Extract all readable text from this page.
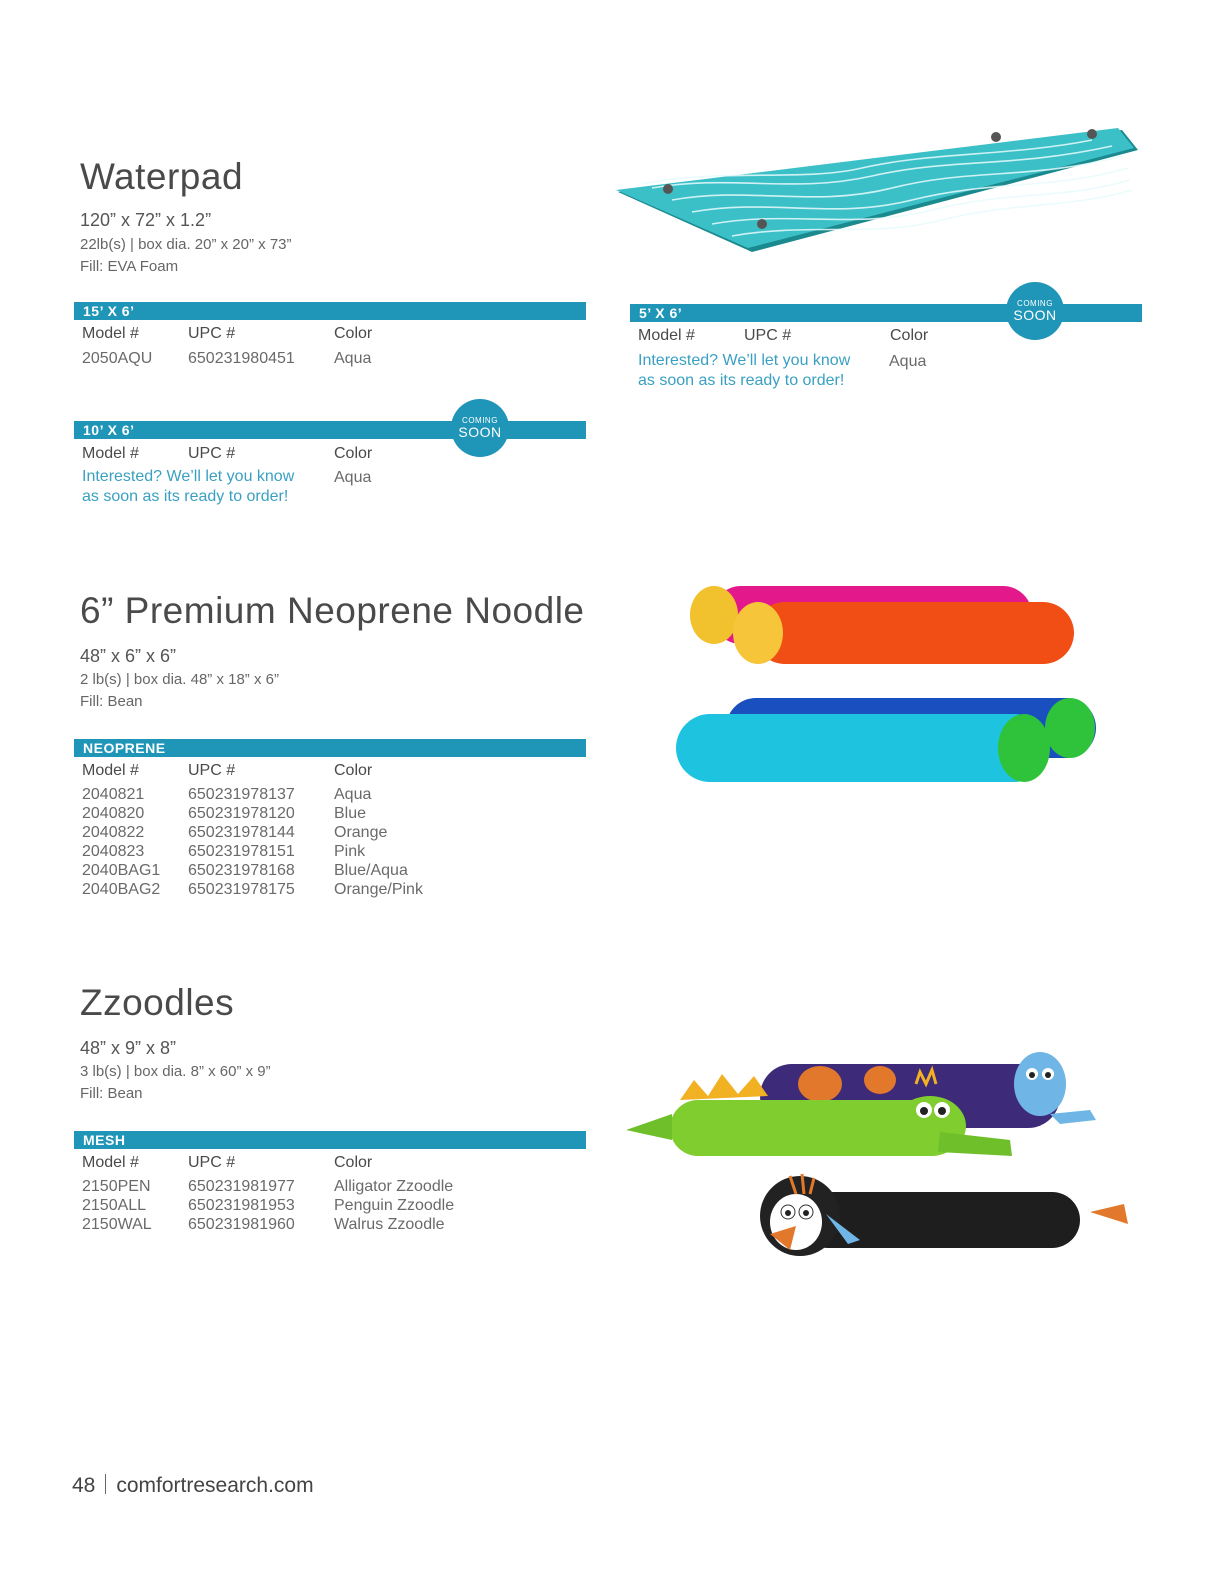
Waterpad
120” x 72” x 1.2”
22lb(s) | box dia. 20” x 20” x 73”
Fill: EVA Foam
15’ X 6’
Model #	UPC #	Color
2050AQU 650231980451 Aqua
10’ X 6’
COMING
SOON
Model #	UPC #	Color
Interested? We’ll let you know
as soon as its ready to order!
Aqua
5’ X 6’
COMING
SOON
Model #	UPC #	Color
Interested? We’ll let you know
as soon as its ready to order!
Aqua
6” Premium Neoprene Noodle
48” x 6” x 6”
2 lb(s) | box dia. 48” x 18” x 6”
Fill: Bean
NEOPRENE
Model #	UPC #	Color
2040821	650231978137 Aqua
2040820	650231978120 Blue
2040822	650231978144 Orange
2040823	650231978151 Pink
2040BAG1 650231978168 Blue/Aqua
2040BAG2 650231978175 Orange/Pink
Zzoodles
48” x 9” x 8”
3 lb(s) | box dia. 8” x 60” x 9”
Fill: Bean
MESH
Model #	UPC #	Color
2150PEN 650231981977 Alligator Zzoodle
2150ALL	650231981953 Penguin Zzoodle
2150WAL 650231981960 Walrus Zzoodle
48 comfortresearch.com
